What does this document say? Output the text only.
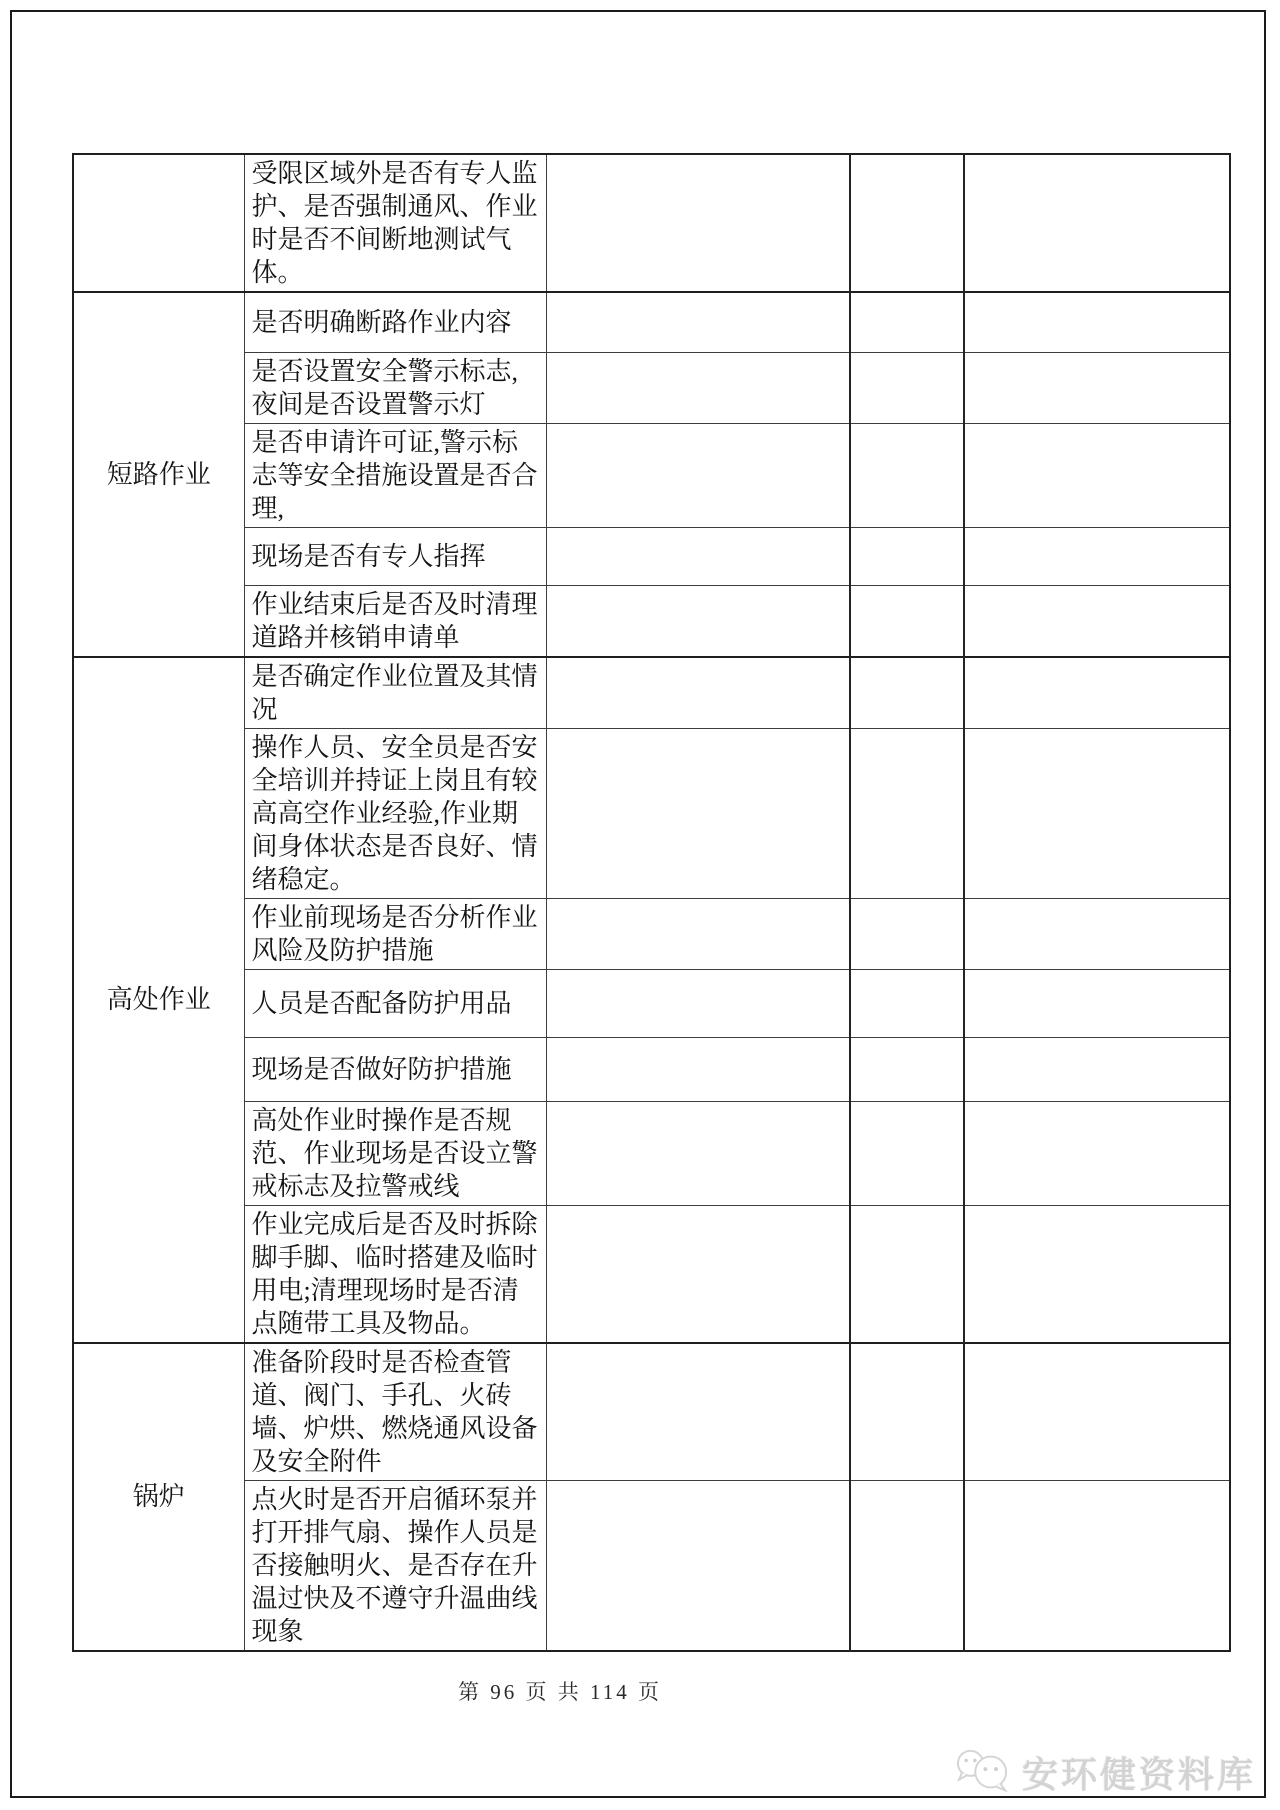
	受限区域外是否有专人监护、是否强制通风、作业时是否不间断地测试气体。			
短路作业	是否明确断路作业内容			
	是否设置安全警示标志,夜间是否设置警示灯			
	是否申请许可证,警示标志等安全措施设置是否合理,			
	现场是否有专人指挥			
	作业结束后是否及时清理道路并核销申请单			
高处作业	是否确定作业位置及其情况			
	操作人员、安全员是否安全培训并持证上岗且有较高高空作业经验,作业期间身体状态是否良好、情绪稳定。			
	作业前现场是否分析作业风险及防护措施			
	人员是否配备防护用品			
	现场是否做好防护措施			
	高处作业时操作是否规范、作业现场是否设立警戒标志及拉警戒线			
	作业完成后是否及时拆除脚手脚、临时搭建及临时用电;清理现场时是否清点随带工具及物品。			
锅炉	准备阶段时是否检查管道、阀门、手孔、火砖墙、炉烘、燃烧通风设备及安全附件			
	点火时是否开启循环泵并打开排气扇、操作人员是否接触明火、是否存在升温过快及不遵守升温曲线现象			
第 96 页 共 114 页
安环健资料库
